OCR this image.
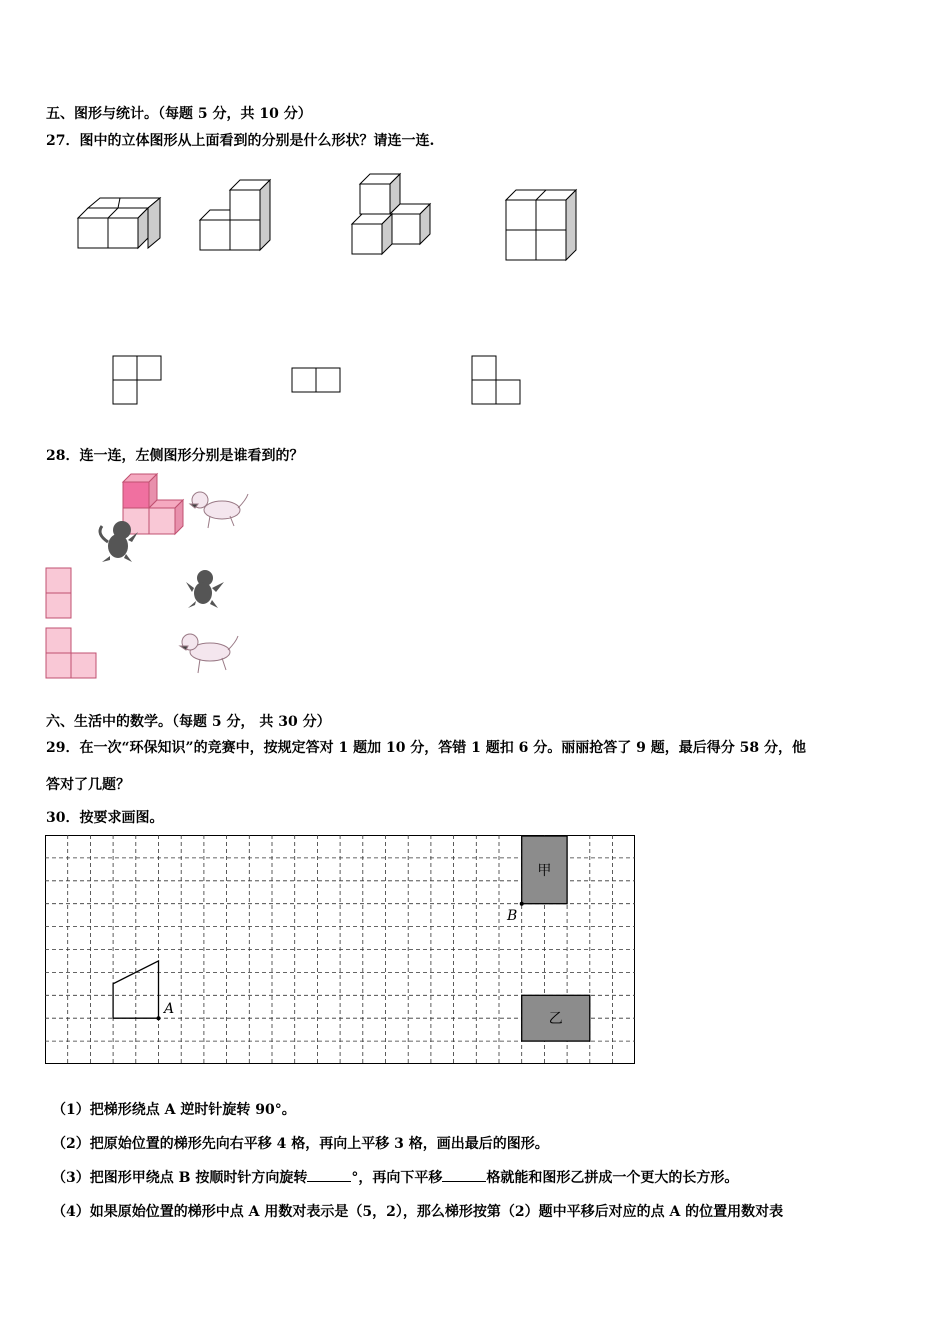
五、图形与统计。（每题 5 分，共 10 分）
27．图中的立体图形从上面看到的分别是什么形状？请连一连.
28．连一连，左侧图形分别是谁看到的？
六、生活中的数学。（每题 5 分， 共 30 分）
29．在一次“环保知识”的竞赛中，按规定答对 1 题加 10 分，答错 1 题扣 6 分。丽丽抢答了 9 题，最后得分 58 分，他
答对了几题？
30．按要求画图。
A
甲
B
乙
（1）把梯形绕点 A 逆时针旋转 90°。
（2）把原始位置的梯形先向右平移 4 格，再向上平移 3 格，画出最后的图形。
（3）把图形甲绕点 B 按顺时针方向旋转	°，再向下平移	格就能和图形乙拼成一个更大的长方形。
（4）如果原始位置的梯形中点 A 用数对表示是（5，2），那么梯形按第（2）题中平移后对应的点 A 的位置用数对表
